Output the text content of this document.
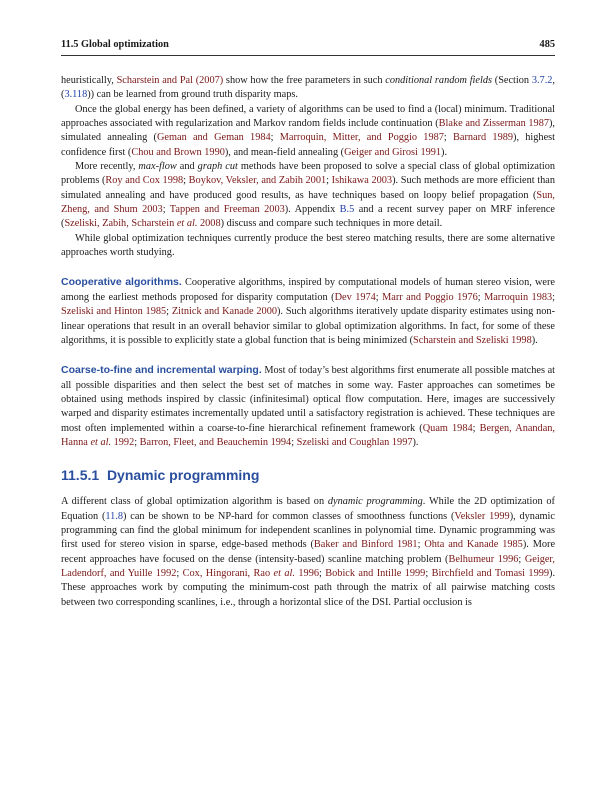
11.5 Global optimization	485

heuristically, Scharstein and Pal (2007) show how the free parameters in such conditional random fields (Section 3.7.2, (3.118)) can be learned from ground truth disparity maps.

Once the global energy has been defined, a variety of algorithms can be used to find a (local) minimum. Traditional approaches associated with regularization and Markov random fields include continuation (Blake and Zisserman 1987), simulated annealing (Geman and Geman 1984; Marroquin, Mitter, and Poggio 1987; Barnard 1989), highest confidence first (Chou and Brown 1990), and mean-field annealing (Geiger and Girosi 1991).

More recently, max-flow and graph cut methods have been proposed to solve a special class of global optimization problems (Roy and Cox 1998; Boykov, Veksler, and Zabih 2001; Ishikawa 2003). Such methods are more efficient than simulated annealing and have produced good results, as have techniques based on loopy belief propagation (Sun, Zheng, and Shum 2003; Tappen and Freeman 2003). Appendix B.5 and a recent survey paper on MRF inference (Szeliski, Zabih, Scharstein et al. 2008) discuss and compare such techniques in more detail.

While global optimization techniques currently produce the best stereo matching results, there are some alternative approaches worth studying.

Cooperative algorithms. Cooperative algorithms, inspired by computational models of human stereo vision, were among the earliest methods proposed for disparity computation (Dev 1974; Marr and Poggio 1976; Marroquin 1983; Szeliski and Hinton 1985; Zitnick and Kanade 2000). Such algorithms iteratively update disparity estimates using non-linear operations that result in an overall behavior similar to global optimization algorithms. In fact, for some of these algorithms, it is possible to explicitly state a global function that is being minimized (Scharstein and Szeliski 1998).

Coarse-to-fine and incremental warping. Most of today’s best algorithms first enumerate all possible matches at all possible disparities and then select the best set of matches in some way. Faster approaches can sometimes be obtained using methods inspired by classic (infinitesimal) optical flow computation. Here, images are successively warped and disparity estimates incrementally updated until a satisfactory registration is achieved. These techniques are most often implemented within a coarse-to-fine hierarchical refinement framework (Quam 1984; Bergen, Anandan, Hanna et al. 1992; Barron, Fleet, and Beauchemin 1994; Szeliski and Coughlan 1997).

11.5.1 Dynamic programming

A different class of global optimization algorithm is based on dynamic programming. While the 2D optimization of Equation (11.8) can be shown to be NP-hard for common classes of smoothness functions (Veksler 1999), dynamic programming can find the global minimum for independent scanlines in polynomial time. Dynamic programming was first used for stereo vision in sparse, edge-based methods (Baker and Binford 1981; Ohta and Kanade 1985). More recent approaches have focused on the dense (intensity-based) scanline matching problem (Belhumeur 1996; Geiger, Ladendorf, and Yuille 1992; Cox, Hingorani, Rao et al. 1996; Bobick and Intille 1999; Birchfield and Tomasi 1999). These approaches work by computing the minimum-cost path through the matrix of all pairwise matching costs between two corresponding scanlines, i.e., through a horizontal slice of the DSI. Partial occlusion is
